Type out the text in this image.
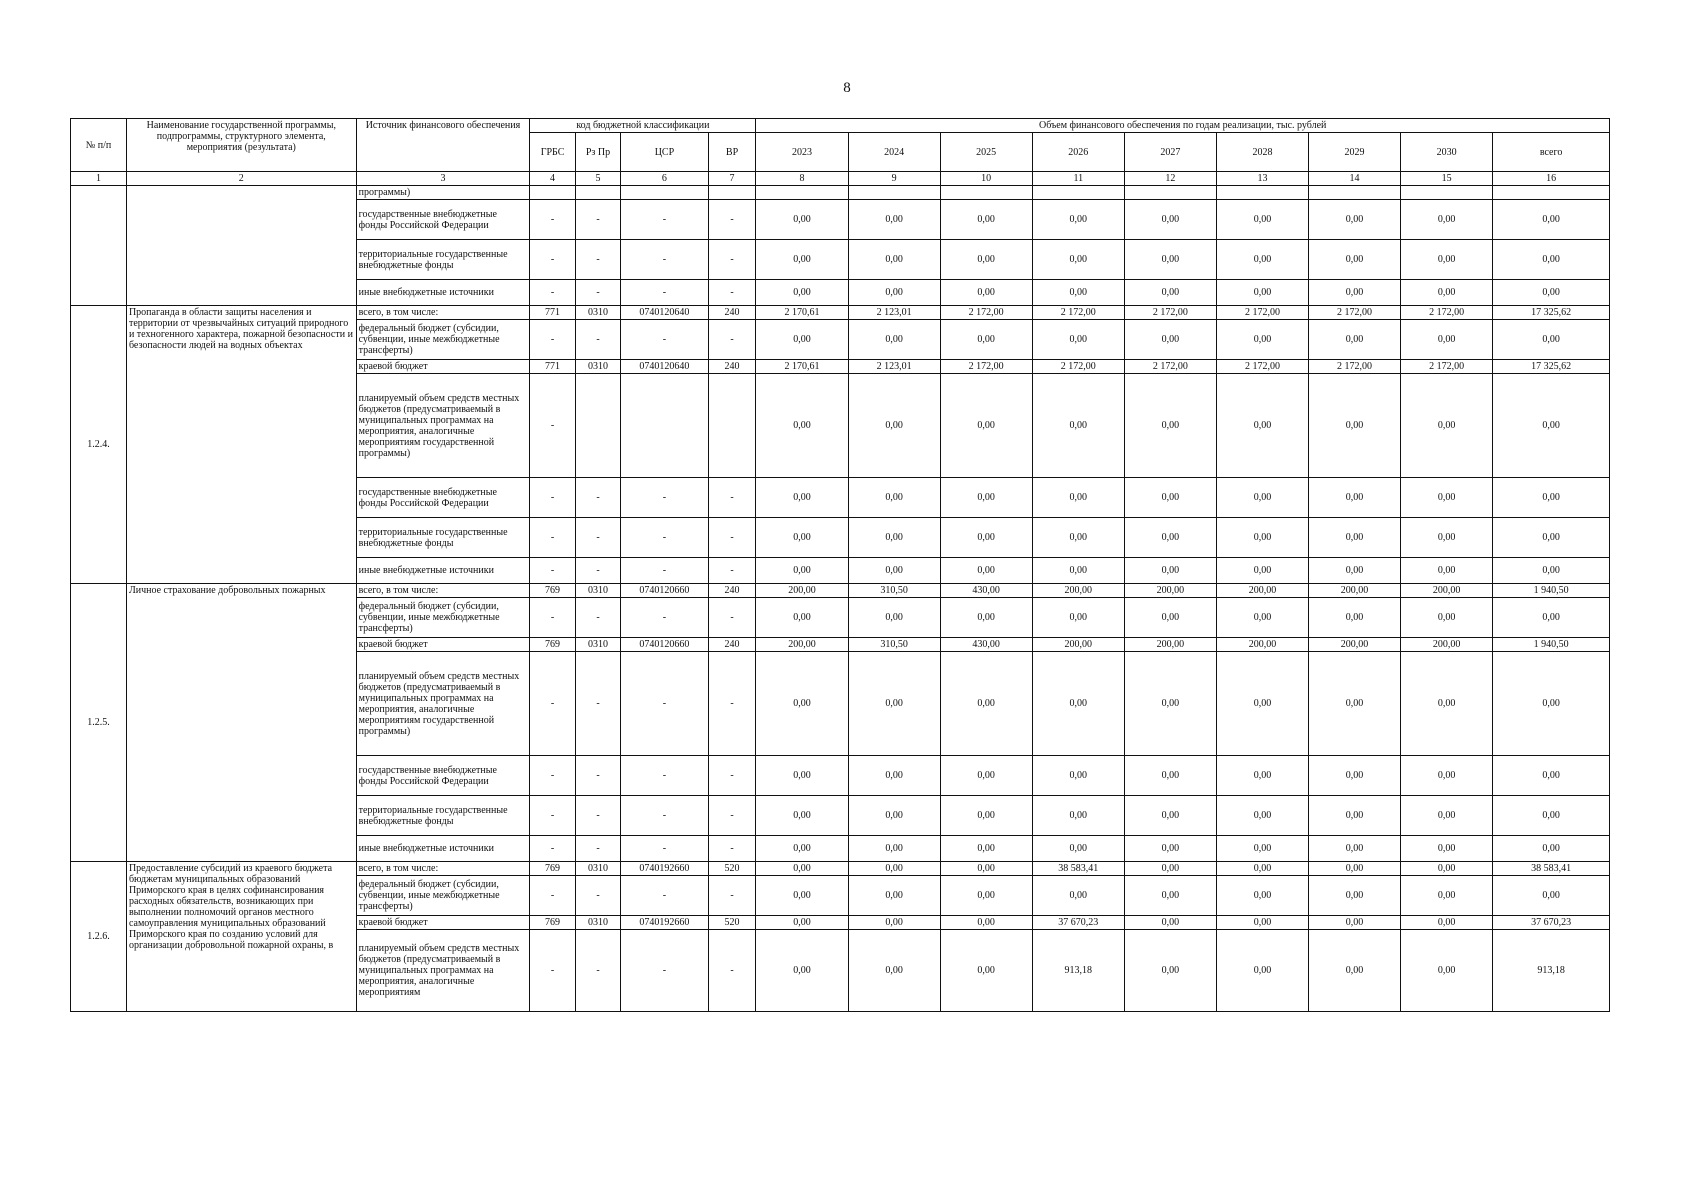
8
№ п/п	Наименование государственной программы, подпрограммы, структурного элемента, мероприятия (результата)	Источник финансового обеспечения	код бюджетной классификации				Объем финансового обеспечения по годам реализации, тыс. рублей								
			ГРБС	Рз Пр	ЦСР	ВР	2023	2024	2025	2026	2027	2028	2029	2030	всего
1	2	3	4	5	6	7	8	9	10	11	12	13	14	15	16
		программы)													
		государственные внебюджетные фонды Российской Федерации	-	-	-	-	0,00	0,00	0,00	0,00	0,00	0,00	0,00	0,00	0,00
		территориальные государственные внебюджетные фонды	-	-	-	-	0,00	0,00	0,00	0,00	0,00	0,00	0,00	0,00	0,00
		иные внебюджетные источники	-	-	-	-	0,00	0,00	0,00	0,00	0,00	0,00	0,00	0,00	0,00
1.2.4.	Пропаганда в области защиты населения и территории от чрезвычайных ситуаций природного и техногенного характера, пожарной безопасности и безопасности людей на водных объектах	всего, в том числе:	771	0310	0740120640	240	2 170,61	2 123,01	2 172,00	2 172,00	2 172,00	2 172,00	2 172,00	2 172,00	17 325,62
		федеральный бюджет (субсидии, субвенции, иные межбюджетные трансферты)	-	-	-	-	0,00	0,00	0,00	0,00	0,00	0,00	0,00	0,00	0,00
		краевой бюджет	771	0310	0740120640	240	2 170,61	2 123,01	2 172,00	2 172,00	2 172,00	2 172,00	2 172,00	2 172,00	17 325,62
		планируемый объем средств местных бюджетов (предусматриваемый в муниципальных программах на мероприятия, аналогичные мероприятиям государственной программы)	-				0,00	0,00	0,00	0,00	0,00	0,00	0,00	0,00	0,00
		государственные внебюджетные фонды Российской Федерации	-	-	-	-	0,00	0,00	0,00	0,00	0,00	0,00	0,00	0,00	0,00
		территориальные государственные внебюджетные фонды	-	-	-	-	0,00	0,00	0,00	0,00	0,00	0,00	0,00	0,00	0,00
		иные внебюджетные источники	-	-	-	-	0,00	0,00	0,00	0,00	0,00	0,00	0,00	0,00	0,00
1.2.5.	Личное страхование добровольных пожарных	всего, в том числе:	769	0310	0740120660	240	200,00	310,50	430,00	200,00	200,00	200,00	200,00	200,00	1 940,50
		федеральный бюджет (субсидии, субвенции, иные межбюджетные трансферты)	-	-	-	-	0,00	0,00	0,00	0,00	0,00	0,00	0,00	0,00	0,00
		краевой бюджет	769	0310	0740120660	240	200,00	310,50	430,00	200,00	200,00	200,00	200,00	200,00	1 940,50
		планируемый объем средств местных бюджетов (предусматриваемый в муниципальных программах на мероприятия, аналогичные мероприятиям государственной программы)	-	-	-	-	0,00	0,00	0,00	0,00	0,00	0,00	0,00	0,00	0,00
		государственные внебюджетные фонды Российской Федерации	-	-	-	-	0,00	0,00	0,00	0,00	0,00	0,00	0,00	0,00	0,00
		территориальные государственные внебюджетные фонды	-	-	-	-	0,00	0,00	0,00	0,00	0,00	0,00	0,00	0,00	0,00
		иные внебюджетные источники	-	-	-	-	0,00	0,00	0,00	0,00	0,00	0,00	0,00	0,00	0,00
1.2.6.	Предоставление субсидий из краевого бюджета бюджетам муниципальных образований Приморского края в целях софинансирования расходных обязательств, возникающих при выполнении полномочий органов местного самоуправления муниципальных образований Приморского края по созданию условий для организации добровольной пожарной охраны, в	всего, в том числе:	769	0310	0740192660	520	0,00	0,00	0,00	38 583,41	0,00	0,00	0,00	0,00	38 583,41
		федеральный бюджет (субсидии, субвенции, иные межбюджетные трансферты)	-	-	-	-	0,00	0,00	0,00	0,00	0,00	0,00	0,00	0,00	0,00
		краевой бюджет	769	0310	0740192660	520	0,00	0,00	0,00	37 670,23	0,00	0,00	0,00	0,00	37 670,23
		планируемый объем средств местных бюджетов (предусматриваемый в муниципальных программах на мероприятия, аналогичные мероприятиям	-	-	-	-	0,00	0,00	0,00	913,18	0,00	0,00	0,00	0,00	913,18
